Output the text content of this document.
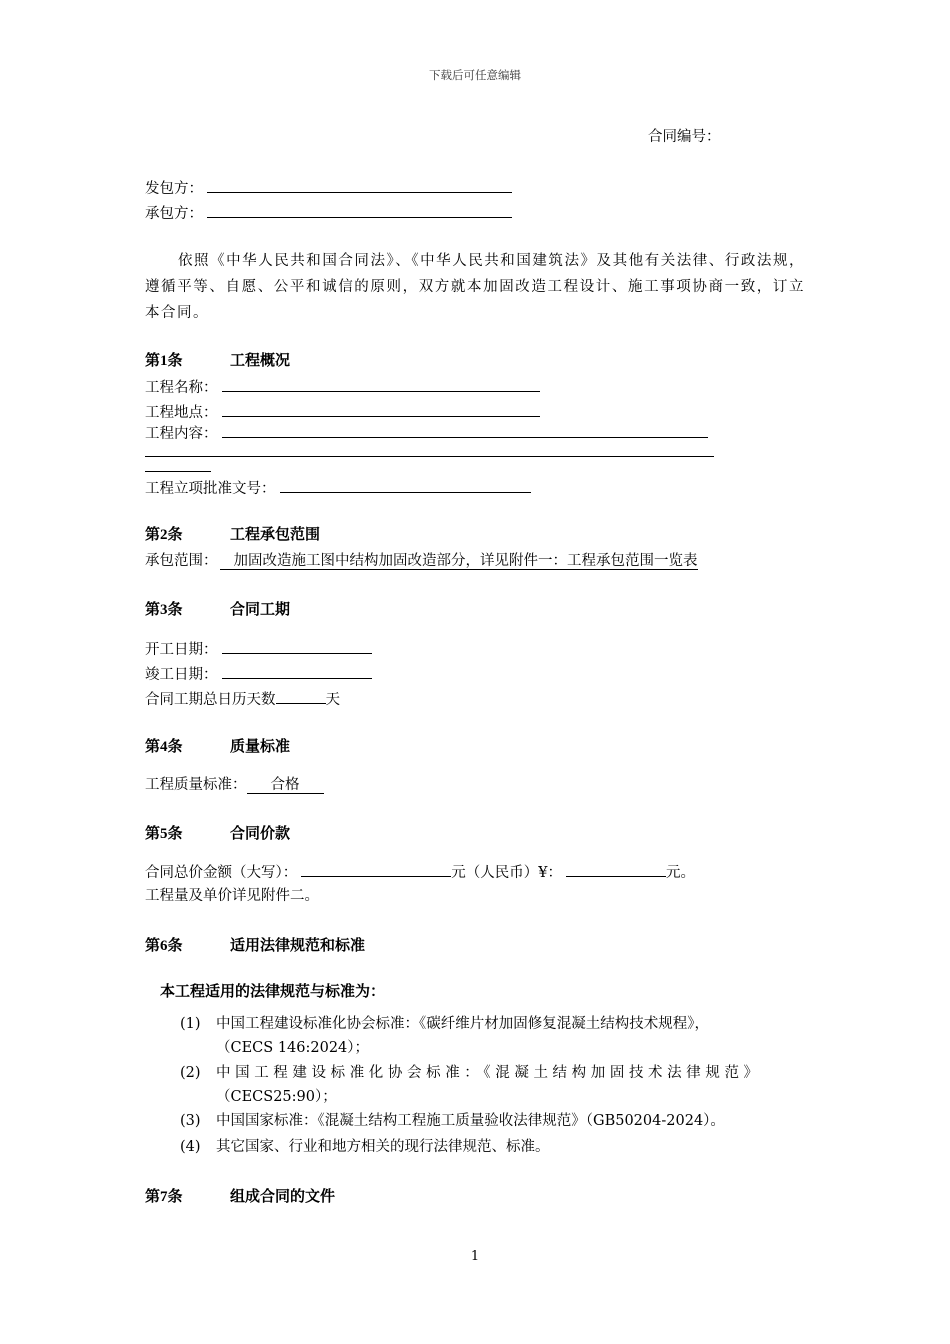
下载后可任意编辑
合同编号：
发包方：
承包方：
依照《中华人民共和国合同法》、《中华人民共和国建筑法》及其他有关法律、行政法规，遵循平等、自愿、公平和诚信的原则，双方就本加固改造工程设计、施工事项协商一致，订立本合同。
第1条	工程概况
工程名称：
工程地点：
工程内容：
工程立项批准文号：
第2条	工程承包范围
承包范围： 加固改造施工图中结构加固改造部分，详见附件一：工程承包范围一览表
第3条	合同工期
开工日期：
竣工日期：
合同工期总日历天数	天
第4条	质量标准
工程质量标准： 合格
第5条	合同价款
合同总价金额（大写）：	元（人民币）¥：	元。
工程量及单价详见附件二。
第6条	适用法律规范和标准
本工程适用的法律规范与标准为：
(1) 中国工程建设标准化协会标准：《碳纤维片材加固修复混凝土结构技术规程》，
（CECS 146:2024）；
(2) 中国工程建设标准化协会标准：《混凝土结构加固技术法律规范》
（CECS25:90）；
(3) 中国国家标准：《混凝土结构工程施工质量验收法律规范》（GB50204-2024）。
(4) 其它国家、行业和地方相关的现行法律规范、标准。
第7条	组成合同的文件
1
